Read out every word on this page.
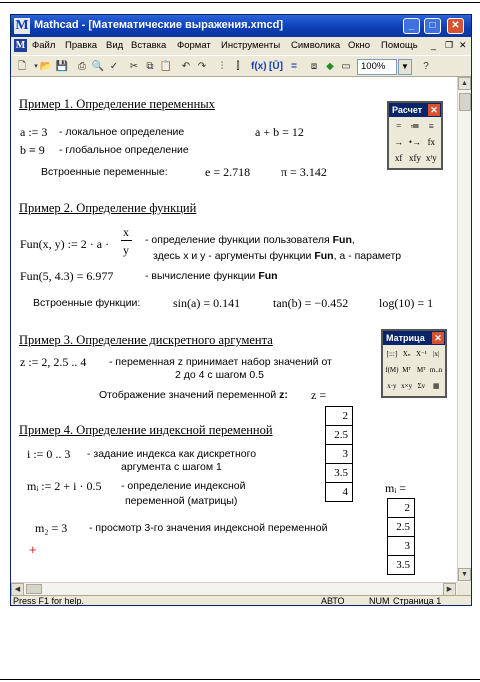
M Mathcad - [Математические выражения.xmcd]	_	□	✕
M Файл Правка Вид Вставка Формат Инструменты Символика Окно Помощь _ ❐ ✕
🗋	▾ 📂 💾 ⎙ 🔍 ✓ ✂ ⧉ 📋 ↶ ↷	⫶	⫿	f(x) [Ū] =	⧈ ◆ ▭	100%	▼	?
Пример 1. Определение переменных
a := 3 - локальное определение	a + b = 12
b ≡ 9 - глобальное определение
Встроенные переменные:	e = 2.718	π = 3.142
Пример 2. Определение функций
Fun(x, y) := 2 · a ·
x
y
- определение функции пользователя Fun,
здесь x и y - аргументы функции Fun, а - параметр
Fun(5, 4.3) = 6.977	- вычисление функции Fun
Встроенные функции:	sin(a) = 0.141	tan(b) = −0.452	log(10) = 1
Пример 3. Определение дискретного аргумента
z := 2, 2.5 .. 4 - переменная z принимает набор значений от
2 до 4 с шагом 0.5
Отображение значений переменной z: z =
2
2.5
3
3.5
4
Пример 4. Определение индексной переменной
i := 0 .. 3 - задание индекса как дискретного
аргумента с шагом 1
mᵢ := 2 + i · 0.5 - определение индексной
переменной (матрицы)
mᵢ =
2
2.5
3
3.5
m₂ = 3 - просмотр 3-го значения индексной переменной
+
Расчет ✕
=	≔	≡
→ •→ fx
xf xfy xᶠy
Матрица ✕
[:::] Xₙ X⁻¹ |x|
f(M) Mᵀ Mᵀ m..n
x·y x×y Σv	▦
▲
▼
◀	▶
Press F1 for help.	АВТО	NUM Страница 1
